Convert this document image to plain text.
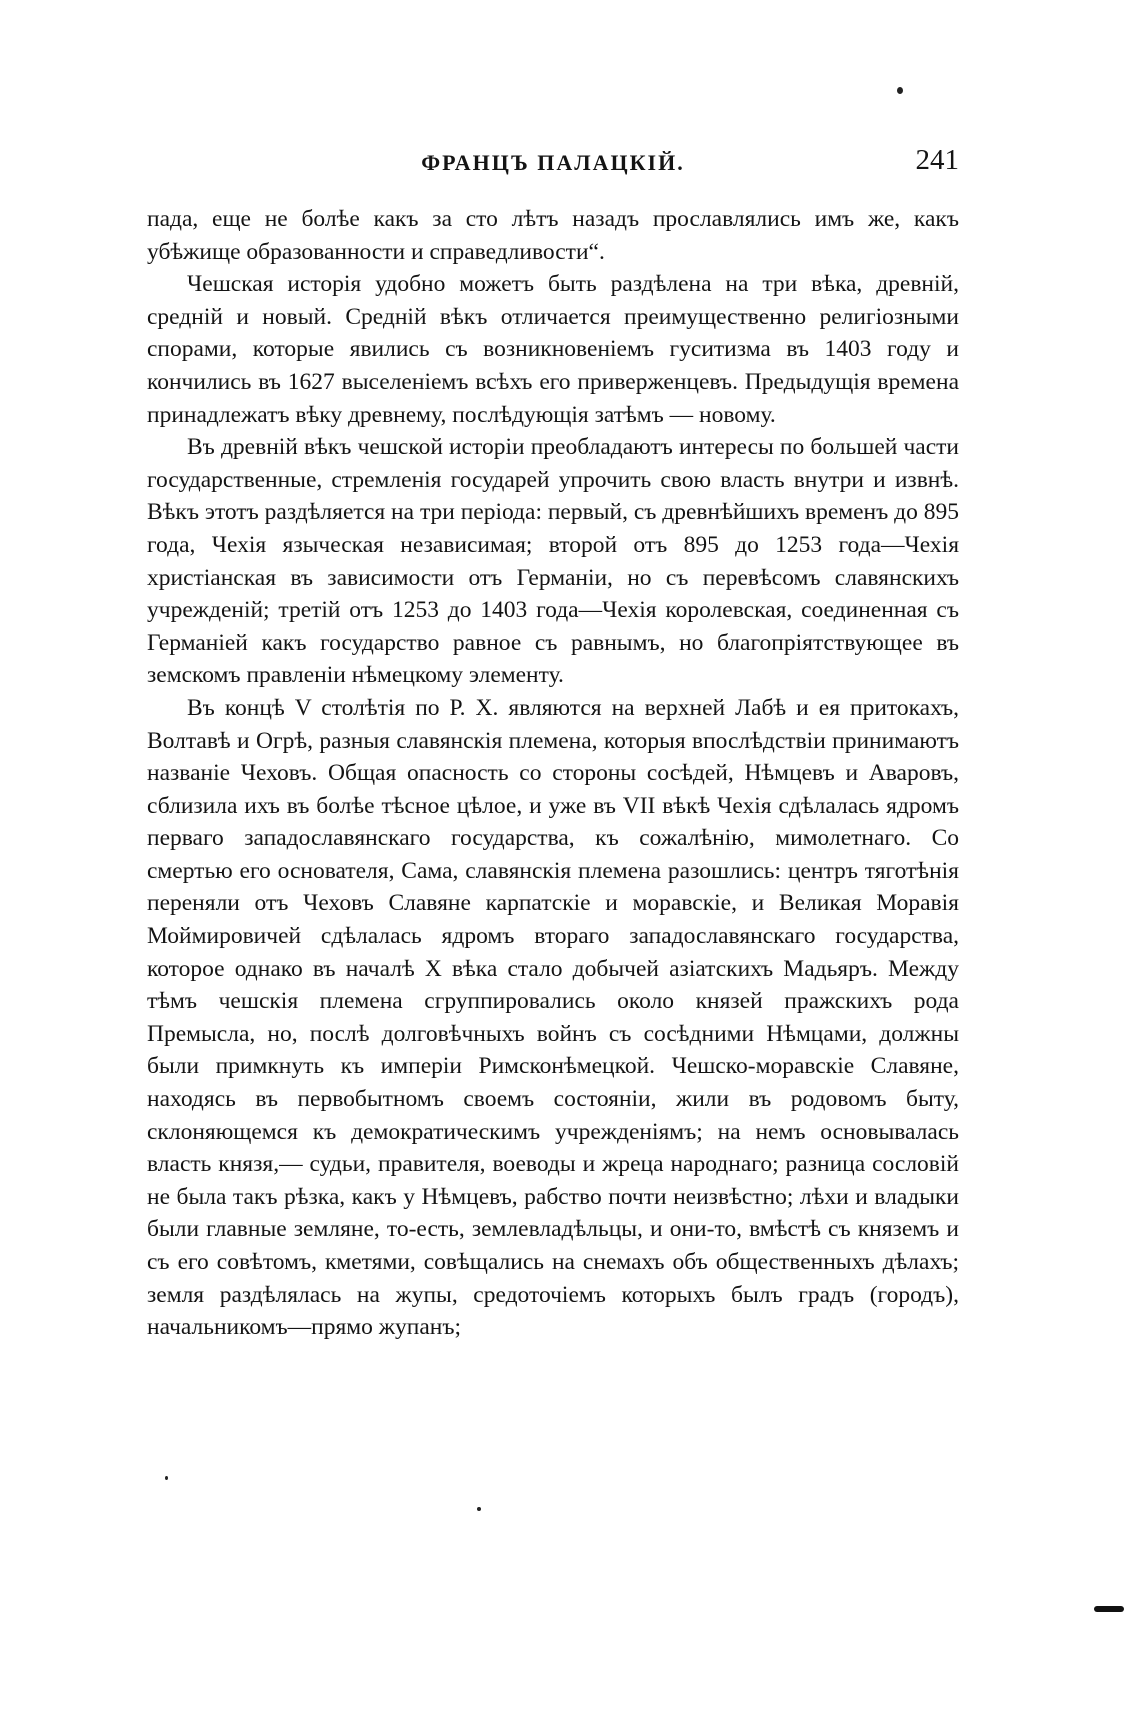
ФРАНЦЪ ПАЛАЦКІЙ.	241

пада, еще не болѣе какъ за сто лѣтъ назадъ прославлялись имъ же, какъ убѣжище образованности и справедливости“.

Чешская исторія удобно можетъ быть раздѣлена на три вѣка, древній, средній и новый. Средній вѣкъ отличается преимущественно религіозными спорами, которые явились съ возникновеніемъ гуситизма въ 1403 году и кончились въ 1627 выселеніемъ всѣхъ его приверженцевъ. Предыдущія времена принадлежатъ вѣку древнему, послѣдующія затѣмъ — новому.

Въ древній вѣкъ чешской исторіи преобладаютъ интересы по большей части государственные, стремленія государей упрочить свою власть внутри и извнѣ. Вѣкъ этотъ раздѣляется на три періода: первый, съ древнѣйшихъ временъ до 895 года, Чехія языческая независимая; второй отъ 895 до 1253 года—Чехія христіанская въ зависимости отъ Германіи, но съ перевѣсомъ славянскихъ учрежденій; третій отъ 1253 до 1403 года—Чехія королевская, соединенная съ Германіей какъ государство равное съ равнымъ, но благопріятствующее въ земскомъ правленіи нѣмецкому элементу.

Въ концѣ V столѣтія по Р. Х. являются на верхней Лабѣ и ея притокахъ, Волтавѣ и Огрѣ, разныя славянскія племена, которыя впослѣдствіи принимаютъ названіе Чеховъ. Общая опасность со стороны сосѣдей, Нѣмцевъ и Аваровъ, сблизила ихъ въ болѣе тѣсное цѣлое, и уже въ VII вѣкѣ Чехія сдѣлалась ядромъ перваго западославянскаго государства, къ сожалѣнію, мимолетнаго. Со смертью его основателя, Сама, славянскія племена разошлись: центръ тяготѣнія переняли отъ Чеховъ Славяне карпатскіе и моравскіе, и Великая Моравія Моймировичей сдѣлалась ядромъ втораго западославянскаго государства, которое однако въ началѣ Х вѣка стало добычей азіатскихъ Мадьяръ. Между тѣмъ чешскія племена сгруппировались около князей пражскихъ рода Премысла, но, послѣ долговѣчныхъ войнъ съ сосѣдними Нѣмцами, должны были примкнуть къ имперіи Римсконѣмецкой. Чешско-моравскіе Славяне, находясь въ первобытномъ своемъ состояніи, жили въ родовомъ быту, склоняющемся къ демократическимъ учрежденіямъ; на немъ основывалась власть князя,— судьи, правителя, воеводы и жреца народнаго; разница сословій не была такъ рѣзка, какъ у Нѣмцевъ, рабство почти неизвѣстно; лѣхи и владыки были главные земляне, то-есть, землевладѣльцы, и они-то, вмѣстѣ съ княземъ и съ его совѣтомъ, кметями, совѣщались на снемахъ объ общественныхъ дѣлахъ; земля раздѣлялась на жупы, средоточіемъ которыхъ былъ градъ (городъ), начальникомъ—прямо жупанъ;
